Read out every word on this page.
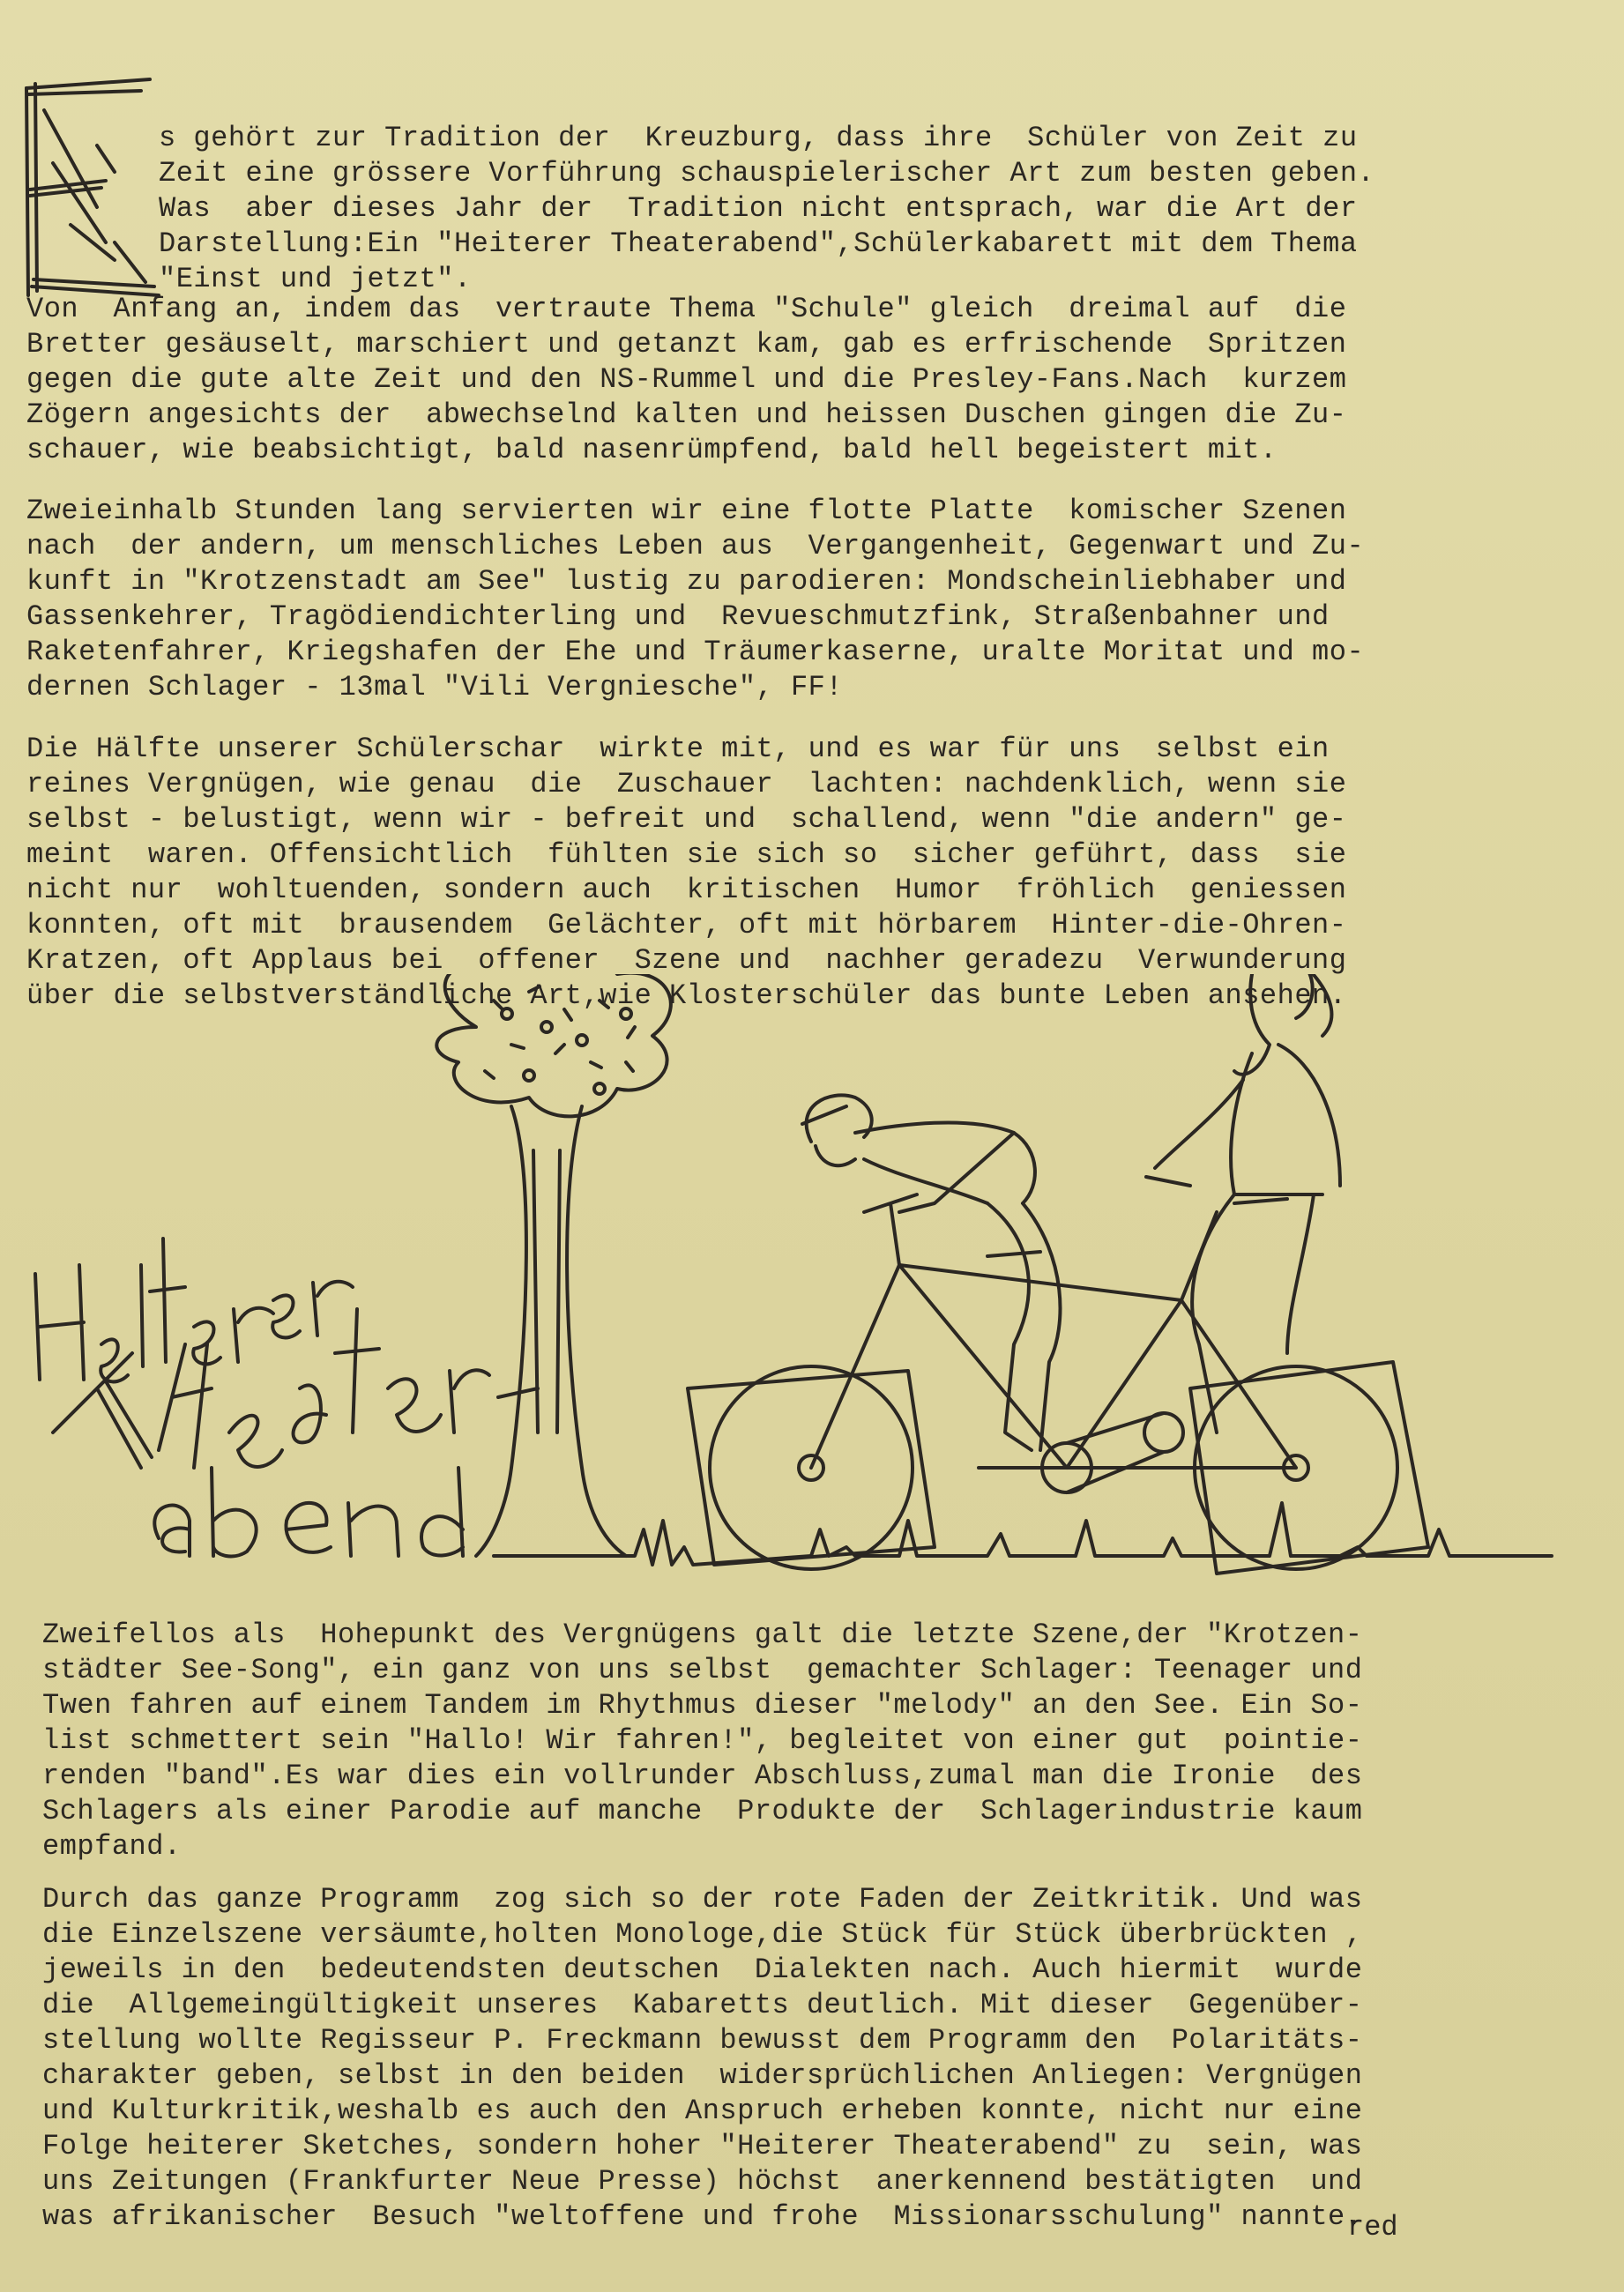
s gehört zur Tradition der  Kreuzburg, dass ihre  Schüler von Zeit zu
Zeit eine grössere Vorführung schauspielerischer Art zum besten geben.
Was  aber dieses Jahr der  Tradition nicht entsprach, war die Art der
Darstellung:Ein "Heiterer Theaterabend",Schülerkabarett mit dem Thema
"Einst und jetzt".
Von  Anfang an, indem das  vertraute Thema "Schule" gleich  dreimal auf  die
Bretter gesäuselt, marschiert und getanzt kam, gab es erfrischende  Spritzen
gegen die gute alte Zeit und den NS-Rummel und die Presley-Fans.Nach  kurzem
Zögern angesichts der  abwechselnd kalten und heissen Duschen gingen die Zu-
schauer, wie beabsichtigt, bald nasenrümpfend, bald hell begeistert mit.
Zweieinhalb Stunden lang servierten wir eine flotte Platte  komischer Szenen
nach  der andern, um menschliches Leben aus  Vergangenheit, Gegenwart und Zu-
kunft in "Krotzenstadt am See" lustig zu parodieren: Mondscheinliebhaber und
Gassenkehrer, Tragödiendichterling und  Revueschmutzfink, Straßenbahner und
Raketenfahrer, Kriegshafen der Ehe und Träumerkaserne, uralte Moritat und mo-
dernen Schlager - 13mal "Vili Vergniesche", FF!
Die Hälfte unserer Schülerschar  wirkte mit, und es war für uns  selbst ein
reines Vergnügen, wie genau  die  Zuschauer  lachten: nachdenklich, wenn sie
selbst - belustigt, wenn wir - befreit und  schallend, wenn "die andern" ge-
meint  waren. Offensichtlich  fühlten sie sich so  sicher geführt, dass  sie
nicht nur  wohltuenden, sondern auch  kritischen  Humor  fröhlich  geniessen
konnten, oft mit  brausendem  Gelächter, oft mit hörbarem  Hinter-die-Ohren-
Kratzen, oft Applaus bei  offener  Szene und  nachher geradezu  Verwunderung
über die selbstverständliche Art,wie Klosterschüler das bunte Leben ansehen.
Zweifellos als  Hohepunkt des Vergnügens galt die letzte Szene,der "Krotzen-
städter See-Song", ein ganz von uns selbst  gemachter Schlager: Teenager und
Twen fahren auf einem Tandem im Rhythmus dieser "melody" an den See. Ein So-
list schmettert sein "Hallo! Wir fahren!", begleitet von einer gut  pointie-
renden "band".Es war dies ein vollrunder Abschluss,zumal man die Ironie  des
Schlagers als einer Parodie auf manche  Produkte der  Schlagerindustrie kaum
empfand.
Durch das ganze Programm  zog sich so der rote Faden der Zeitkritik. Und was
die Einzelszene versäumte,holten Monologe,die Stück für Stück überbrückten ,
jeweils in den  bedeutendsten deutschen  Dialekten nach. Auch hiermit  wurde
die  Allgemeingültigkeit unseres  Kabaretts deutlich. Mit dieser  Gegenüber-
stellung wollte Regisseur P. Freckmann bewusst dem Programm den  Polaritäts-
charakter geben, selbst in den beiden  widersprüchlichen Anliegen: Vergnügen
und Kulturkritik,weshalb es auch den Anspruch erheben konnte, nicht nur eine
Folge heiterer Sketches, sondern hoher "Heiterer Theaterabend" zu  sein, was
uns Zeitungen (Frankfurter Neue Presse) höchst  anerkennend bestätigten  und
was afrikanischer  Besuch "weltoffene und frohe  Missionarsschulung" nannte.
red
